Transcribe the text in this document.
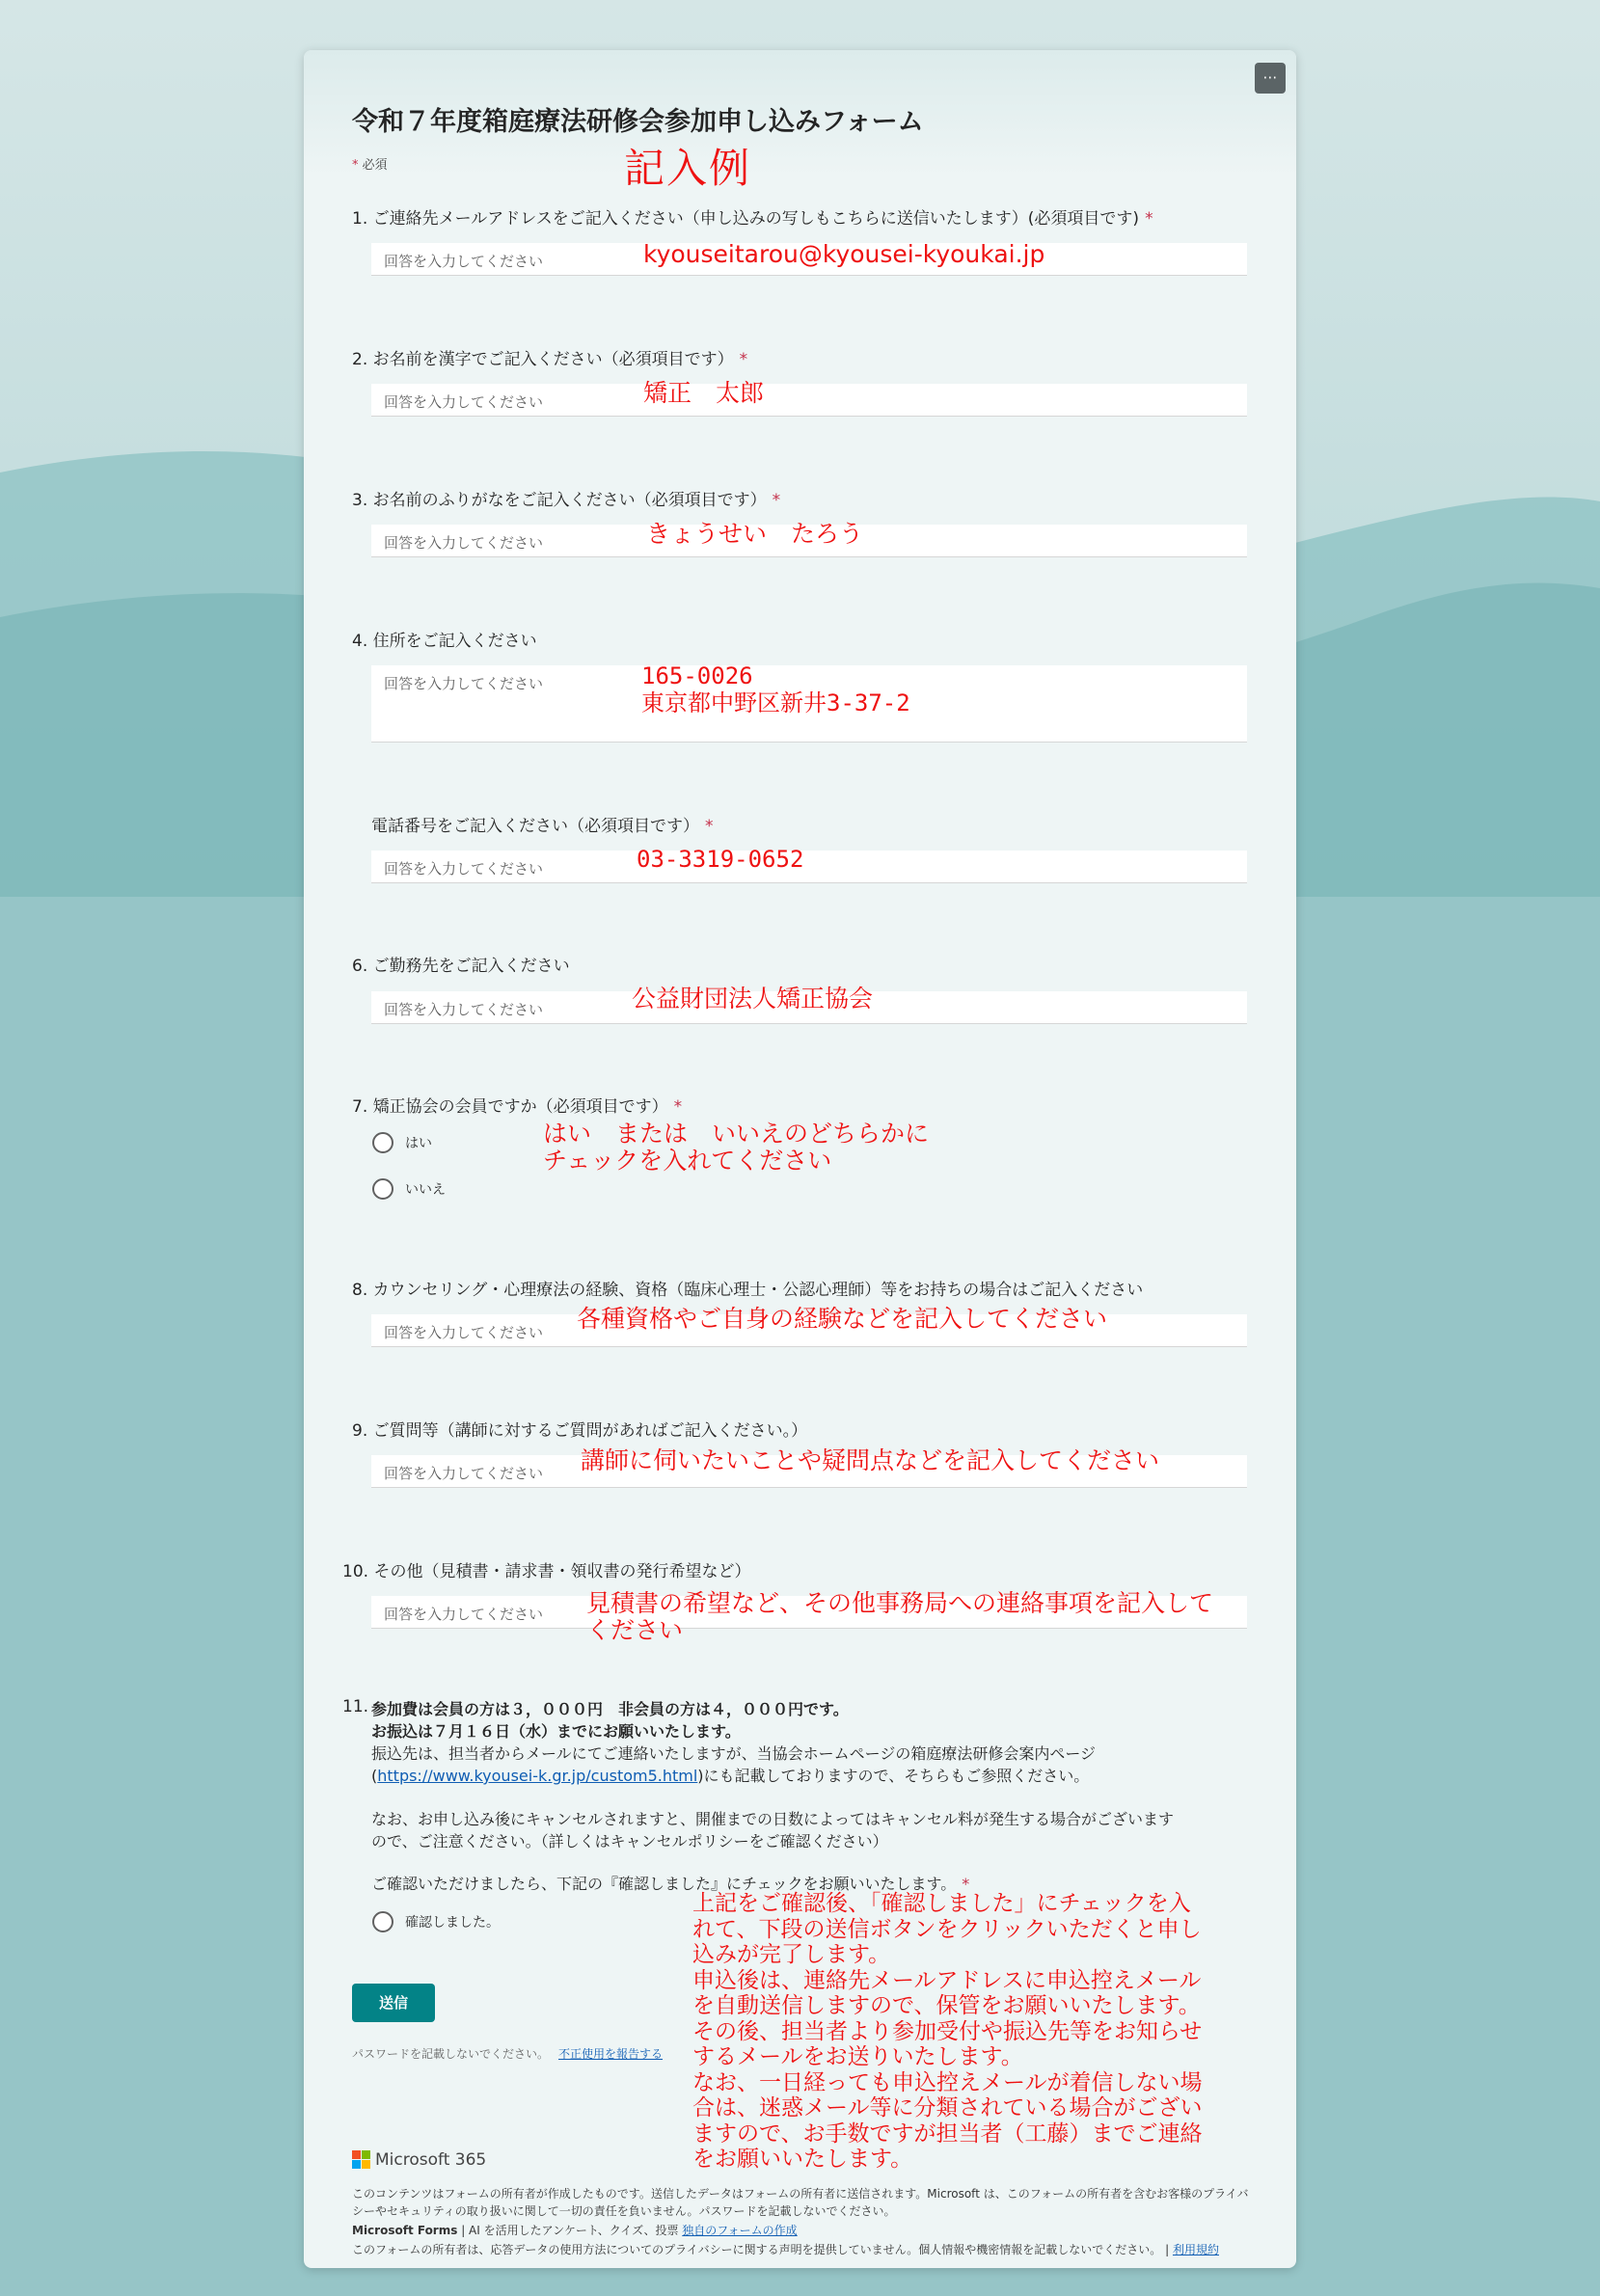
⋯
令和７年度箱庭療法研修会参加申し込みフォーム
* 必須	記入例
1. ご連絡先メールアドレスをご記入ください（申し込みの写しもこちらに送信いたします）(必須項目です) *
回答を入力してください	kyouseitarou@kyousei-kyoukai.jp
2. お名前を漢字でご記入ください（必須項目です） *
回答を入力してください	矯正　太郎
3. お名前のふりがなをご記入ください（必須項目です） *
回答を入力してください	きょうせい　たろう
4. 住所をご記入ください
回答を入力してください	165-0026
東京都中野区新井3-37-2
電話番号をご記入ください（必須項目です） *
回答を入力してください	03-3319-0652
6. ご勤務先をご記入ください
回答を入力してください	公益財団法人矯正協会
7. 矯正協会の会員ですか（必須項目です） *
はい
いいえ
はい　または　いいえのどちらかに
チェックを入れてください
8. カウンセリング・心理療法の経験、資格（臨床心理士・公認心理師）等をお持ちの場合はご記入ください
回答を入力してください 各種資格やご自身の経験などを記入してください
9. ご質問等（講師に対するご質問があればご記入ください。）
回答を入力してください 講師に伺いたいことや疑問点などを記入してください
10. その他（見積書・請求書・領収書の発行希望など）
回答を入力してください 見積書の希望など、その他事務局への連絡事項を記入して
ください
11. 参加費は会員の方は３，０００円　非会員の方は４，０００円です。
お振込は７月１６日（水）までにお願いいたします。
振込先は、担当者からメールにてご連絡いたしますが、当協会ホームページの箱庭療法研修会案内ページ
(https://www.kyousei-k.gr.jp/custom5.html)にも記載しておりますので、そちらもご参照ください。
なお、お申し込み後にキャンセルされますと、開催までの日数によってはキャンセル料が発生する場合がございます
ので、ご注意ください。（詳しくはキャンセルポリシーをご確認ください）
ご確認いただけましたら、下記の『確認しました』にチェックをお願いいたします。 *
確認しました。
上記をご確認後、「確認しました」にチェックを入
れて、下段の送信ボタンをクリックいただくと申し
込みが完了します。
申込後は、連絡先メールアドレスに申込控えメール
を自動送信しますので、保管をお願いいたします。
その後、担当者より参加受付や振込先等をお知らせ
するメールをお送りいたします。
なお、一日経っても申込控えメールが着信しない場
合は、迷惑メール等に分類されている場合がござい
ますので、お手数ですが担当者（工藤）までご連絡
をお願いいたします。
送信
パスワードを記載しないでください。 不正使用を報告する
Microsoft 365
このコンテンツはフォームの所有者が作成したものです。送信したデータはフォームの所有者に送信されます。Microsoft は、このフォームの所有者を含むお客様のプライバ
シーやセキュリティの取り扱いに関して一切の責任を負いません。パスワードを記載しないでください。
Microsoft Forms | AI を活用したアンケート、クイズ、投票 独自のフォームの作成
このフォームの所有者は、応答データの使用方法についてのプライバシーに関する声明を提供していません。個人情報や機密情報を記載しないでください。 | 利用規約
